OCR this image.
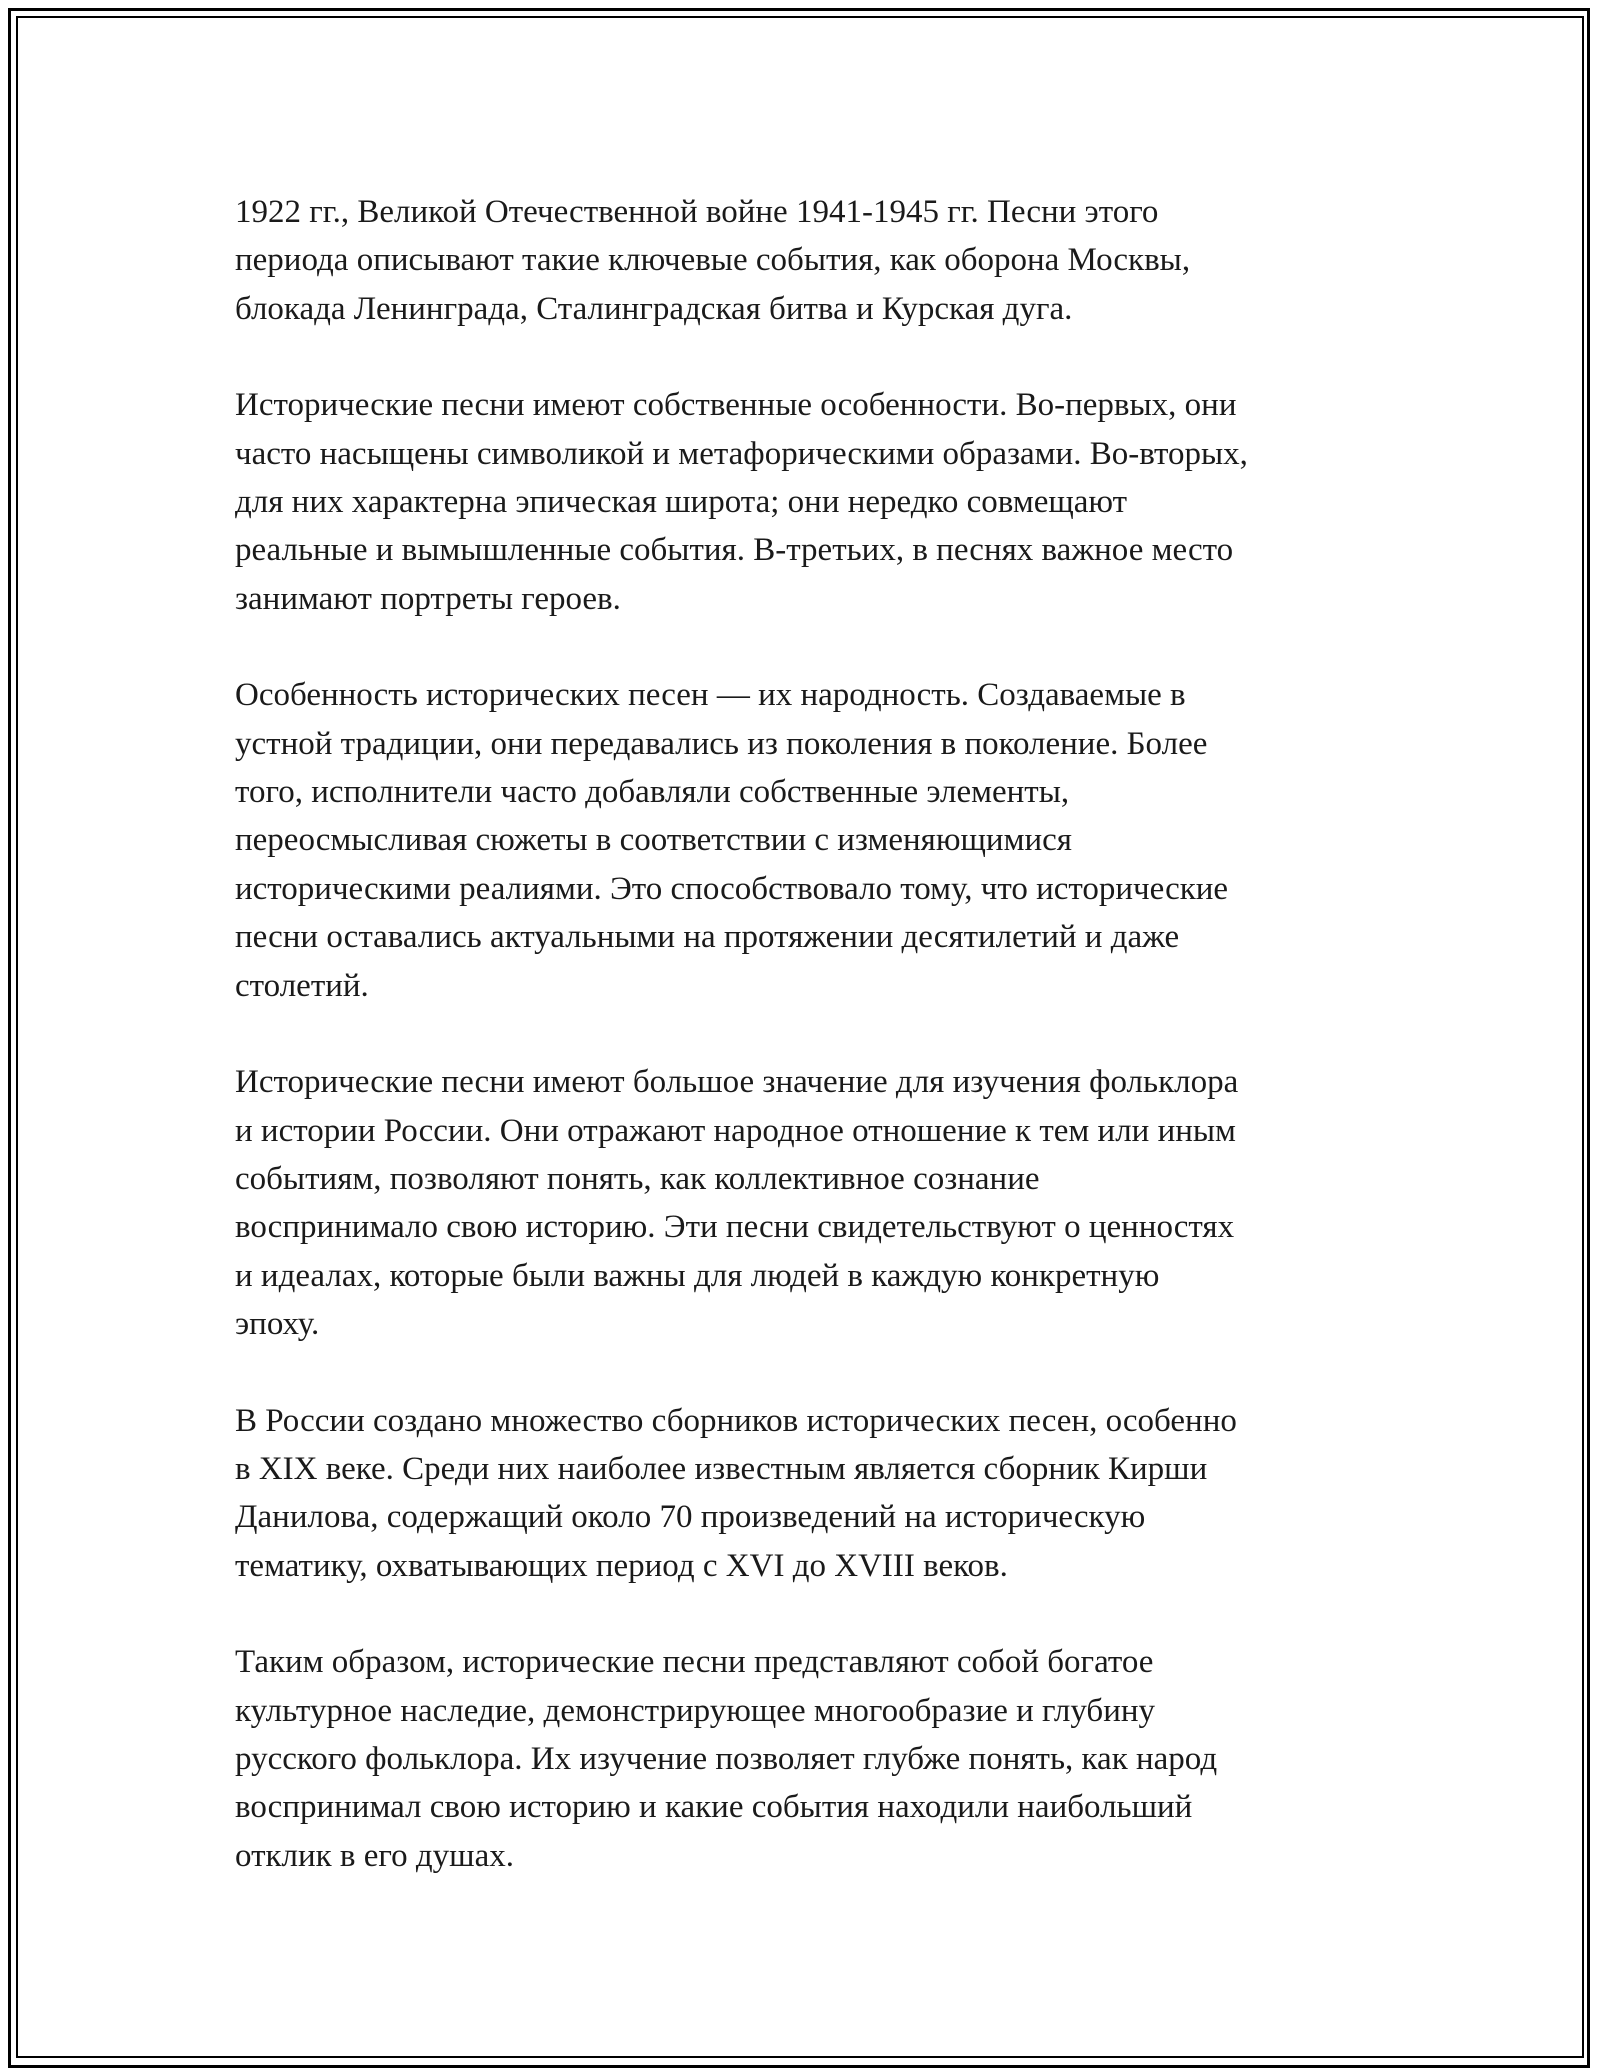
1922 гг., Великой Отечественной войне 1941-1945 гг. Песни этого
периода описывают такие ключевые события, как оборона Москвы,
блокада Ленинграда, Сталинградская битва и Курская дуга.

Исторические песни имеют собственные особенности. Во-первых, они
часто насыщены символикой и метафорическими образами. Во-вторых,
для них характерна эпическая широта; они нередко совмещают
реальные и вымышленные события. В-третьих, в песнях важное место
занимают портреты героев.

Особенность исторических песен — их народность. Создаваемые в
устной традиции, они передавались из поколения в поколение. Более
того, исполнители часто добавляли собственные элементы,
переосмысливая сюжеты в соответствии с изменяющимися
историческими реалиями. Это способствовало тому, что исторические
песни оставались актуальными на протяжении десятилетий и даже
столетий.

Исторические песни имеют большое значение для изучения фольклора
и истории России. Они отражают народное отношение к тем или иным
событиям, позволяют понять, как коллективное сознание
воспринимало свою историю. Эти песни свидетельствуют о ценностях
и идеалах, которые были важны для людей в каждую конкретную
эпоху.

В России создано множество сборников исторических песен, особенно
в XIX веке. Среди них наиболее известным является сборник Кирши
Данилова, содержащий около 70 произведений на историческую
тематику, охватывающих период с XVI до XVIII веков.

Таким образом, исторические песни представляют собой богатое
культурное наследие, демонстрирующее многообразие и глубину
русского фольклора. Их изучение позволяет глубже понять, как народ
воспринимал свою историю и какие события находили наибольший
отклик в его душах.
